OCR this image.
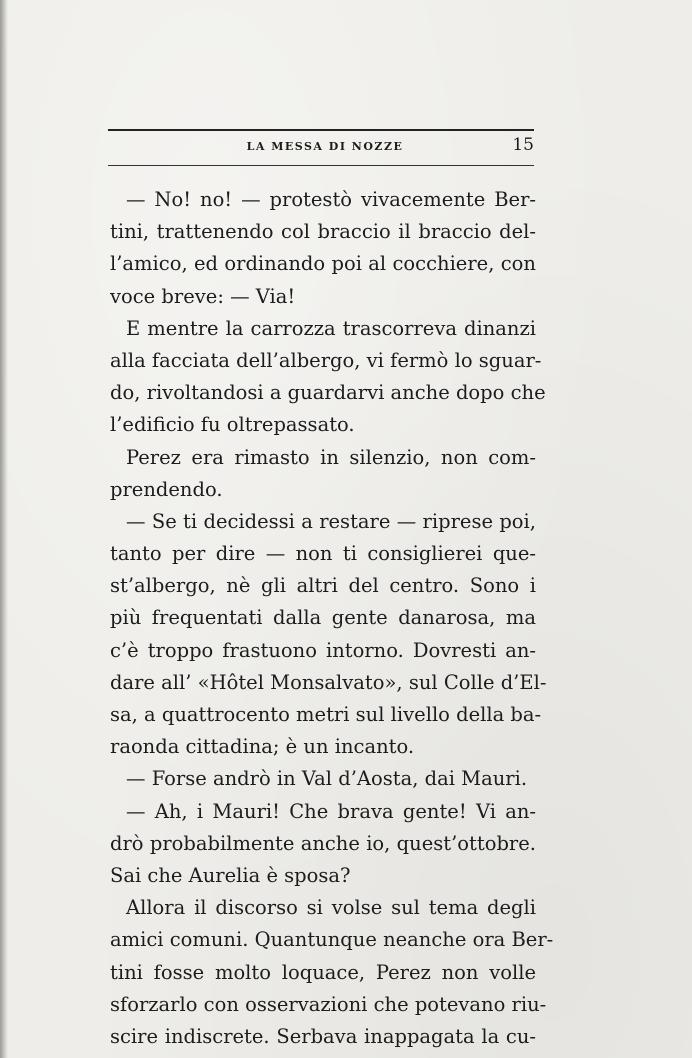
LA MESSA DI NOZZE	15
— No! no! — protestò vivacemente Ber-
tini, trattenendo col braccio il braccio del-
l’amico, ed ordinando poi al cocchiere, con
voce breve: — Via!
E mentre la carrozza trascorreva dinanzi
alla facciata dell’albergo, vi fermò lo sguar-
do, rivoltandosi a guardarvi anche dopo che
l’edificio fu oltrepassato.
Perez era rimasto in silenzio, non com-
prendendo.
— Se ti decidessi a restare — riprese poi,
tanto per dire — non ti consiglierei que-
st’albergo, nè gli altri del centro. Sono i
più frequentati dalla gente danarosa, ma
c’è troppo frastuono intorno. Dovresti an-
dare all’ «Hôtel Monsalvato», sul Colle d’El-
sa, a quattrocento metri sul livello della ba-
raonda cittadina; è un incanto.
— Forse andrò in Val d’Aosta, dai Mauri.
— Ah, i Mauri! Che brava gente! Vi an-
drò probabilmente anche io, quest’ottobre.
Sai che Aurelia è sposa?
Allora il discorso si volse sul tema degli
amici comuni. Quantunque neanche ora Ber-
tini fosse molto loquace, Perez non volle
sforzarlo con osservazioni che potevano riu-
scire indiscrete. Serbava inappagata la cu-
